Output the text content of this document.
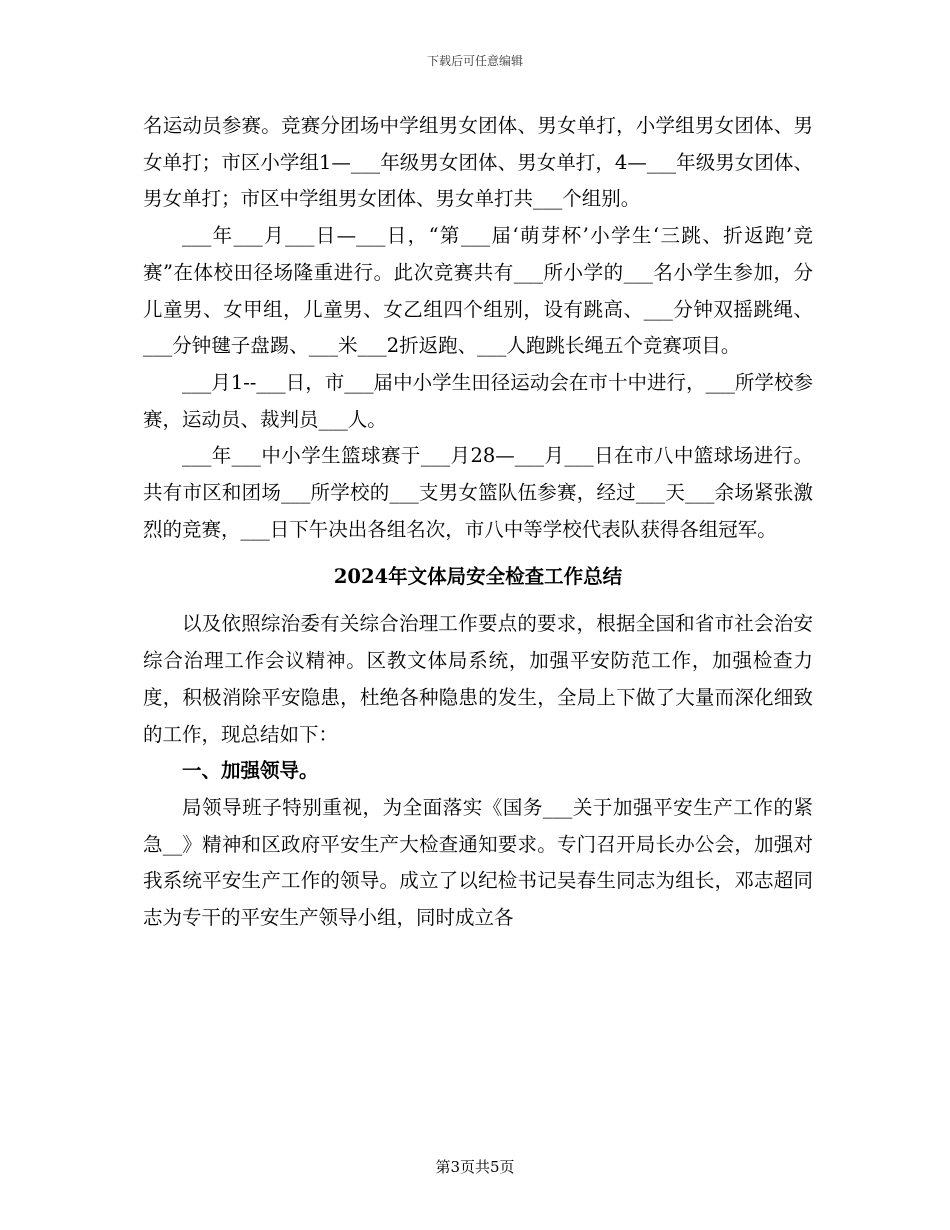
下载后可任意编辑

名运动员参赛。竞赛分团场中学组男女团体、男女单打，小学组男女团体、男女单打；市区小学组1—___年级男女团体、男女单打，4—___年级男女团体、男女单打；市区中学组男女团体、男女单打共___个组别。

___年___月___日—___日，“第___届‘萌芽杯’小学生‘三跳、折返跑’竞赛”在体校田径场隆重进行。此次竞赛共有___所小学的___名小学生参加，分儿童男、女甲组，儿童男、女乙组四个组别，设有跳高、___分钟双摇跳绳、___分钟毽子盘踢、___米___2折返跑、___人跑跳长绳五个竞赛项目。

___月1--___日，市___届中小学生田径运动会在市十中进行，___所学校参赛，运动员、裁判员___人。

___年___中小学生篮球赛于___月28—___月___日在市八中篮球场进行。共有市区和团场___所学校的___支男女篮队伍参赛，经过___天___余场紧张激烈的竞赛，___日下午决出各组名次，市八中等学校代表队获得各组冠军。

2024年文体局安全检查工作总结

以及依照综治委有关综合治理工作要点的要求，根据全国和省市社会治安综合治理工作会议精神。区教文体局系统，加强平安防范工作，加强检查力度，积极消除平安隐患，杜绝各种隐患的发生，全局上下做了大量而深化细致的工作，现总结如下：

一、加强领导。

局领导班子特别重视，为全面落实《国务___关于加强平安生产工作的紧急__》精神和区政府平安生产大检查通知要求。专门召开局长办公会，加强对我系统平安生产工作的领导。成立了以纪检书记吴春生同志为组长，邓志超同志为专干的平安生产领导小组，同时成立各

第3页共5页
